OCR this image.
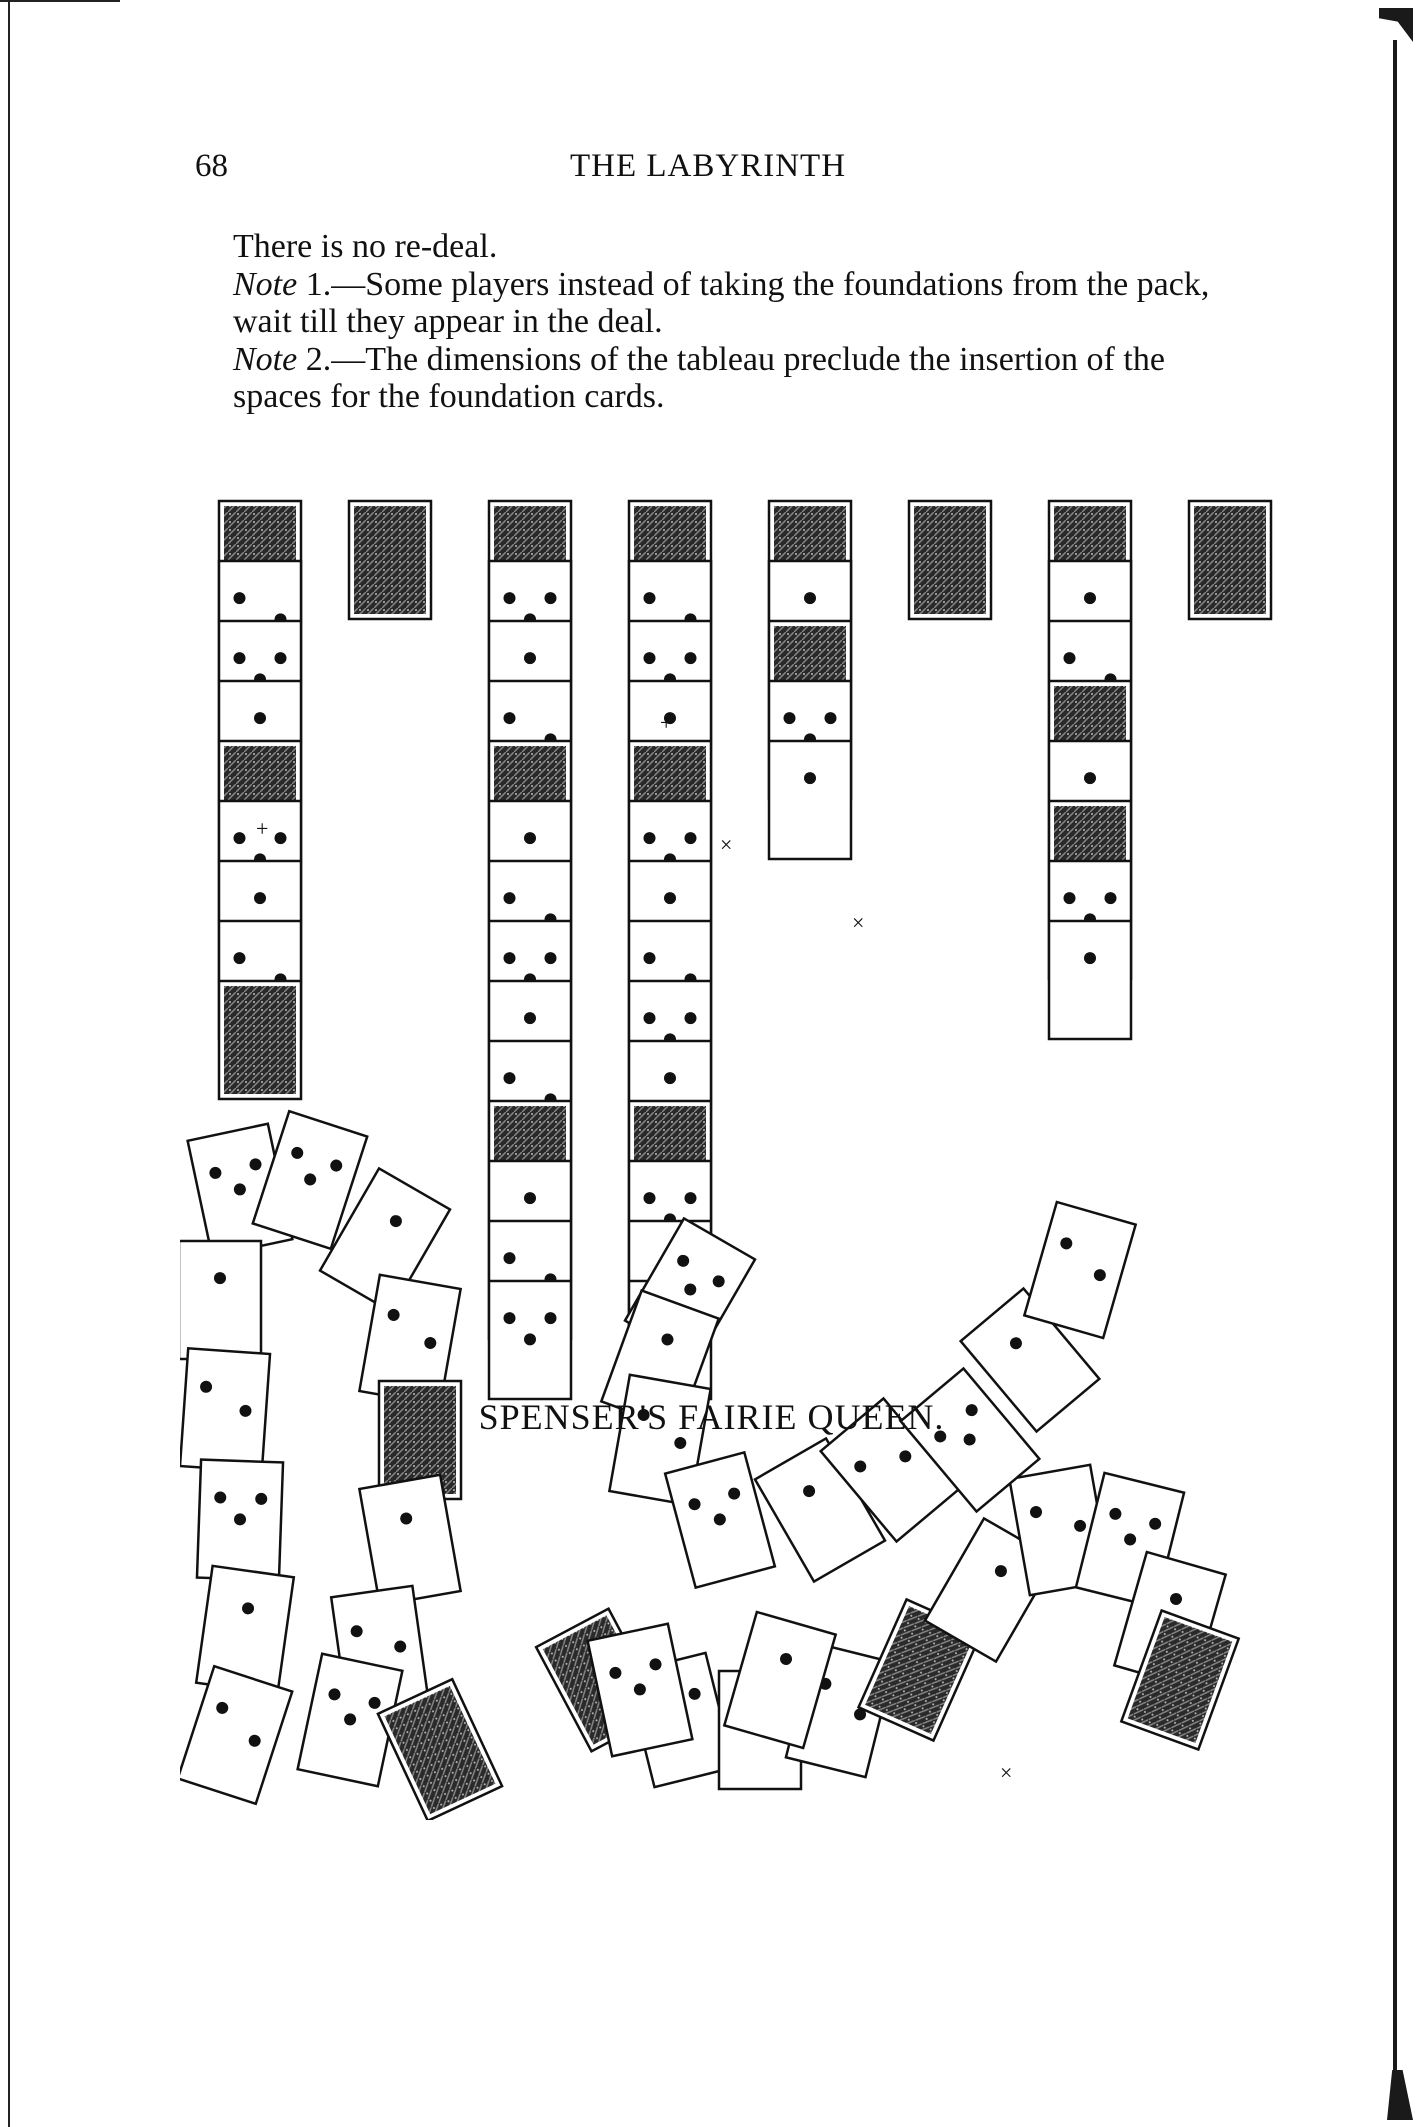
68	THE LABYRINTH

There is no re-deal.

Note 1.—Some players instead of taking the foundations from the pack, wait till they appear in the deal.

Note 2.—The dimensions of the tableau preclude the insertion of the spaces for the foundation cards.

+
+
×
×
×
SPENSER'S FAIRIE QUEEN.
